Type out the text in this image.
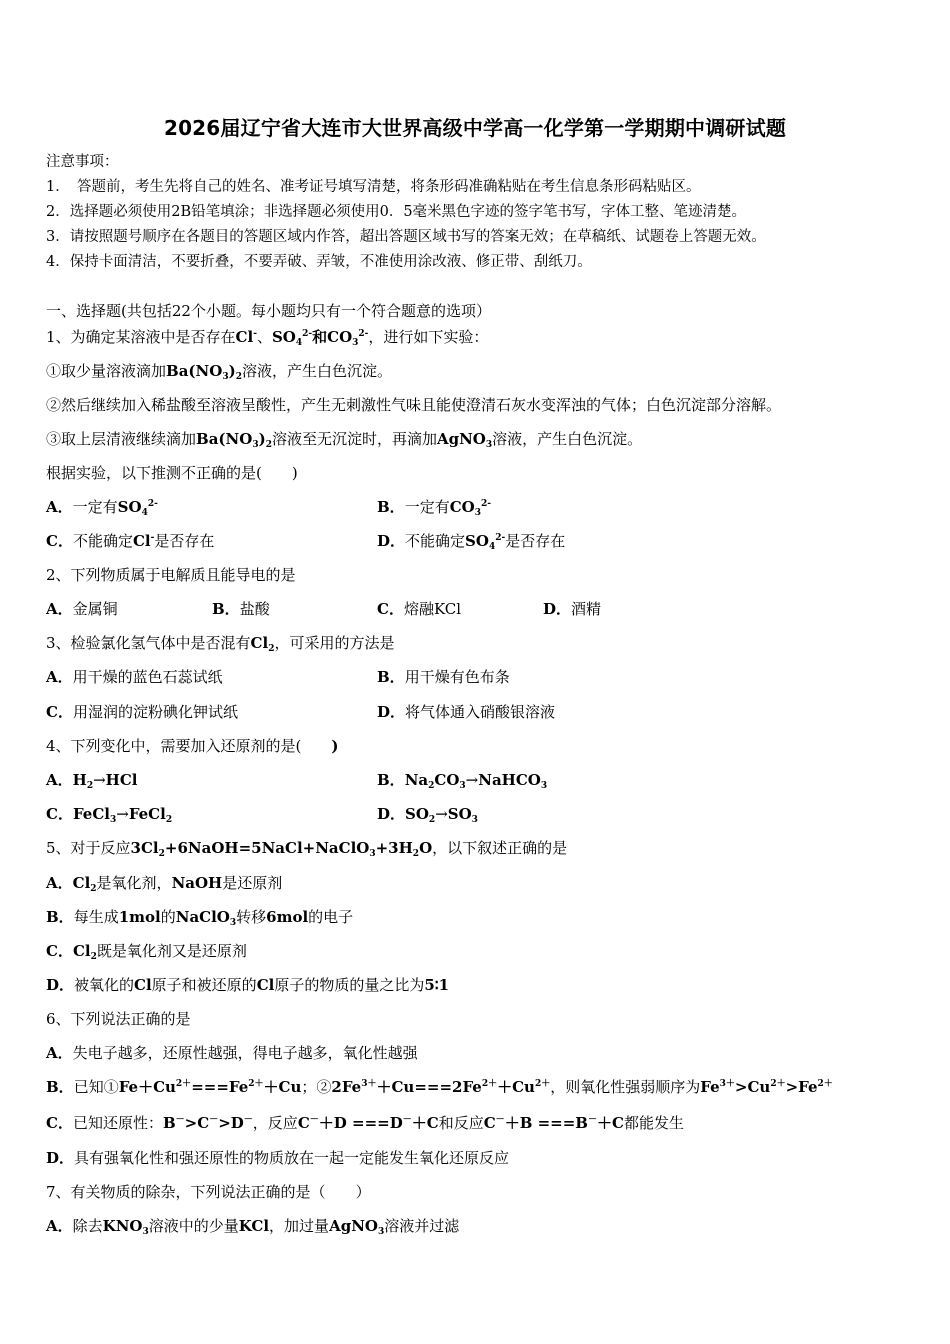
2026届辽宁省大连市大世界高级中学高一化学第一学期期中调研试题
注意事项：
1．　答题前，考生先将自己的姓名、准考证号填写清楚，将条形码准确粘贴在考生信息条形码粘贴区。
2．选择题必须使用2B铅笔填涂；非选择题必须使用0．5毫米黑色字迹的签字笔书写，字体工整、笔迹清楚。
3．请按照题号顺序在各题目的答题区域内作答，超出答题区域书写的答案无效；在草稿纸、试题卷上答题无效。
4．保持卡面清洁，不要折叠，不要弄破、弄皱，不准使用涂改液、修正带、刮纸刀。
一、选择题(共包括22个小题。每小题均只有一个符合题意的选项）
1、为确定某溶液中是否存在Cl-、$SO_4^{2-}$和$CO_3^{2-}$，进行如下实验：
①取少量溶液滴加$Ba(NO_3)_2$溶液，产生白色沉淀。
②然后继续加入稀盐酸至溶液呈酸性，产生无刺激性气味且能使澄清石灰水变浑浊的气体；白色沉淀部分溶解。
③取上层清液继续滴加$Ba(NO_3)_2$溶液至无沉淀时，再滴加AgNO$_3$溶液，产生白色沉淀。
根据实验，以下推测不正确的是(　　 )
A．一定有$SO_4^{2-}$	B．一定有$CO_3^{2-}$
C．不能确定Cl-是否存在	D．不能确定$SO_4^{2-}$是否存在
2、下列物质属于电解质且能导电的是
A．金属铜	B．盐酸	C．熔融KCl	D．酒精
3、检验氯化氢气体中是否混有$Cl_2$，可采用的方法是
A．用干燥的蓝色石蕊试纸	B．用干燥有色布条
C．用湿润的淀粉碘化钾试纸	D．将气体通入硝酸银溶液
4、下列变化中，需要加入还原剂的是(　　 )
A．$H_2\to HCl$	B．$Na_2CO_3\to NaHCO_3$
C．FeCl$_3$→FeCl$_2$	D．$SO_2\to SO_3$
5、对于反应$3Cl_2+6NaOH=5NaCl+NaClO_3+3H_2O$，以下叙述正确的是
A．$Cl_2$是氧化剂，NaOH是还原剂
B．每生成1mol的NaClO$_3$转移6mol的电子
C．$Cl_2$既是氧化剂又是还原剂
D．被氧化的Cl原子和被还原的Cl原子的物质的量之比为5∶1
6、下列说法正确的是
A．失电子越多，还原性越强，得电子越多，氧化性越强
B．已知$①Fe+Cu^{2+}===Fe^{2+}+Cu$；$②2Fe^{3+}+Cu===2Fe^{2+}+Cu^{2+}$，则氧化性强弱顺序为$Fe^{3+}>Cu^{2+}>Fe^{2+}$
C．已知还原性：B－>C－>D－，反应C－＋D ===D－＋C和反应C－＋B ===B－＋C都能发生
D．具有强氧化性和强还原性的物质放在一起一定能发生氧化还原反应
7、有关物质的除杂，下列说法正确的是（　　 ）
A．除去$KNO_3$溶液中的少量KCl，加过量AgNO$_3$溶液并过滤
